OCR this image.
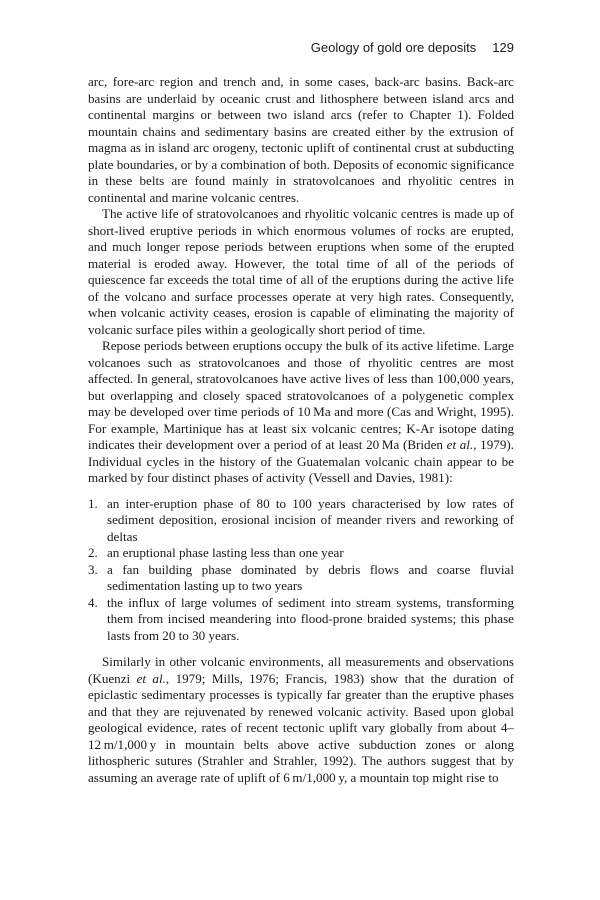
Geology of gold ore deposits 129

arc, fore-arc region and trench and, in some cases, back-arc basins. Back-arc basins are underlaid by oceanic crust and lithosphere between island arcs and continental margins or between two island arcs (refer to Chapter 1). Folded mountain chains and sedimentary basins are created either by the extrusion of magma as in island arc orogeny, tectonic uplift of continental crust at subducting plate boundaries, or by a combination of both. Deposits of economic significance in these belts are found mainly in stratovolcanoes and rhyolitic centres in continental and marine volcanic centres.

The active life of stratovolcanoes and rhyolitic volcanic centres is made up of short-lived eruptive periods in which enormous volumes of rocks are erupted, and much longer repose periods between eruptions when some of the erupted material is eroded away. However, the total time of all of the periods of quiescence far exceeds the total time of all of the eruptions during the active life of the volcano and surface processes operate at very high rates. Consequently, when volcanic activity ceases, erosion is capable of eliminating the majority of volcanic surface piles within a geologically short period of time.

Repose periods between eruptions occupy the bulk of its active lifetime. Large volcanoes such as stratovolcanoes and those of rhyolitic centres are most affected. In general, stratovolcanoes have active lives of less than 100,000 years, but overlapping and closely spaced stratovolcanoes of a polygenetic complex may be developed over time periods of 10 Ma and more (Cas and Wright, 1995). For example, Martinique has at least six volcanic centres; K-Ar isotope dating indicates their development over a period of at least 20 Ma (Briden et al., 1979). Individual cycles in the history of the Guatemalan volcanic chain appear to be marked by four distinct phases of activity (Vessell and Davies, 1981):

1. an inter-eruption phase of 80 to 100 years characterised by low rates of sediment deposition, erosional incision of meander rivers and reworking of deltas
2. an eruptional phase lasting less than one year
3. a fan building phase dominated by debris flows and coarse fluvial sedimentation lasting up to two years
4. the influx of large volumes of sediment into stream systems, transforming them from incised meandering into flood-prone braided systems; this phase lasts from 20 to 30 years.

Similarly in other volcanic environments, all measurements and observations (Kuenzi et al., 1979; Mills, 1976; Francis, 1983) show that the duration of epiclastic sedimentary processes is typically far greater than the eruptive phases and that they are rejuvenated by renewed volcanic activity. Based upon global geological evidence, rates of recent tectonic uplift vary globally from about 4–12 m/1,000 y in mountain belts above active subduction zones or along lithospheric sutures (Strahler and Strahler, 1992). The authors suggest that by assuming an average rate of uplift of 6 m/1,000 y, a mountain top might rise to
